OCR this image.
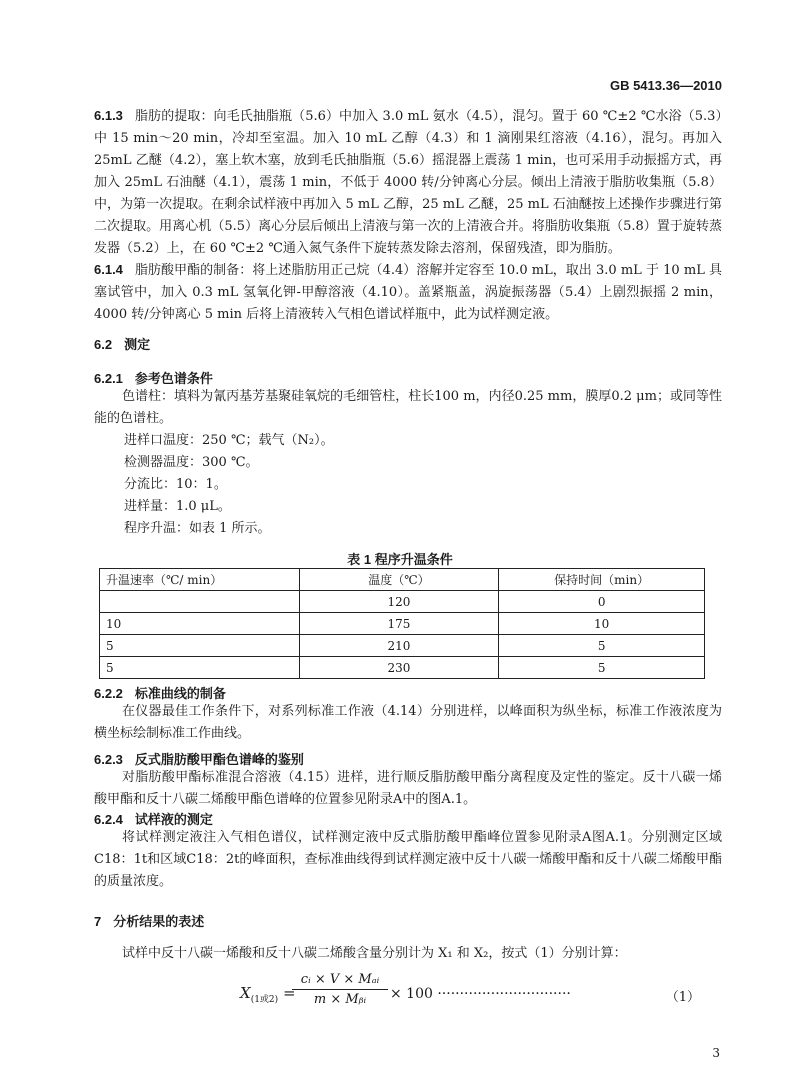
GB 5413.36—2010

6.1.3 脂肪的提取：向毛氏抽脂瓶（5.6）中加入 3.0 mL 氨水（4.5），混匀。置于 60 ℃±2 ℃水浴（5.3）中 15 min～20 min，冷却至室温。加入 10 mL 乙醇（4.3）和 1 滴刚果红溶液（4.16），混匀。再加入 25mL 乙醚（4.2），塞上软木塞，放到毛氏抽脂瓶（5.6）摇混器上震荡 1 min，也可采用手动振摇方式，再加入 25mL 石油醚（4.1），震荡 1 min，不低于 4000 转/分钟离心分层。倾出上清液于脂肪收集瓶（5.8）中，为第一次提取。在剩余试样液中再加入 5 mL 乙醇，25 mL 乙醚，25 mL 石油醚按上述操作步骤进行第二次提取。用离心机（5.5）离心分层后倾出上清液与第一次的上清液合并。将脂肪收集瓶（5.8）置于旋转蒸发器（5.2）上，在 60 ℃±2 ℃通入氮气条件下旋转蒸发除去溶剂，保留残渣，即为脂肪。

6.1.4 脂肪酸甲酯的制备：将上述脂肪用正己烷（4.4）溶解并定容至 10.0 mL，取出 3.0 mL 于 10 mL 具塞试管中，加入 0.3 mL 氢氧化钾-甲醇溶液（4.10）。盖紧瓶盖，涡旋振荡器（5.4）上剧烈振摇 2 min，4000 转/分钟离心 5 min 后将上清液转入气相色谱试样瓶中，此为试样测定液。

6.2 测定
6.2.1 参考色谱条件

色谱柱：填料为氰丙基芳基聚硅氧烷的毛细管柱，柱长100 m，内径0.25 mm，膜厚0.2 μm；或同等性能的色谱柱。

进样口温度：250 ℃；载气（N₂）。

检测器温度：300 ℃。

分流比：10：1。

进样量：1.0 μL。

程序升温：如表 1 所示。

表 1 程序升温条件
升温速率（℃/ min）	温度（℃）	保持时间（min）
	120	0
10	175	10
5	210	5
5	230	5
6.2.2 标准曲线的制备

在仪器最佳工作条件下，对系列标准工作液（4.14）分别进样，以峰面积为纵坐标，标准工作液浓度为横坐标绘制标准工作曲线。

6.2.3 反式脂肪酸甲酯色谱峰的鉴别

对脂肪酸甲酯标准混合溶液（4.15）进样，进行顺反脂肪酸甲酯分离程度及定性的鉴定。反十八碳一烯酸甲酯和反十八碳二烯酸甲酯色谱峰的位置参见附录A中的图A.1。

6.2.4 试样液的测定

将试样测定液注入气相色谱仪，试样测定液中反式脂肪酸甲酯峰位置参见附录A图A.1。分别测定区域C18：1t和区域C18：2t的峰面积，查标准曲线得到试样测定液中反十八碳一烯酸甲酯和反十八碳二烯酸甲酯的质量浓度。

7 分析结果的表述

试样中反十八碳一烯酸和反十八碳二烯酸含量分别计为 X₁ 和 X₂，按式（1）分别计算：

$X_{(1或2)}$ =
cᵢ × V × Mₐᵢ
m × Mᵦᵢ	× 100 ······························	（1）
3
